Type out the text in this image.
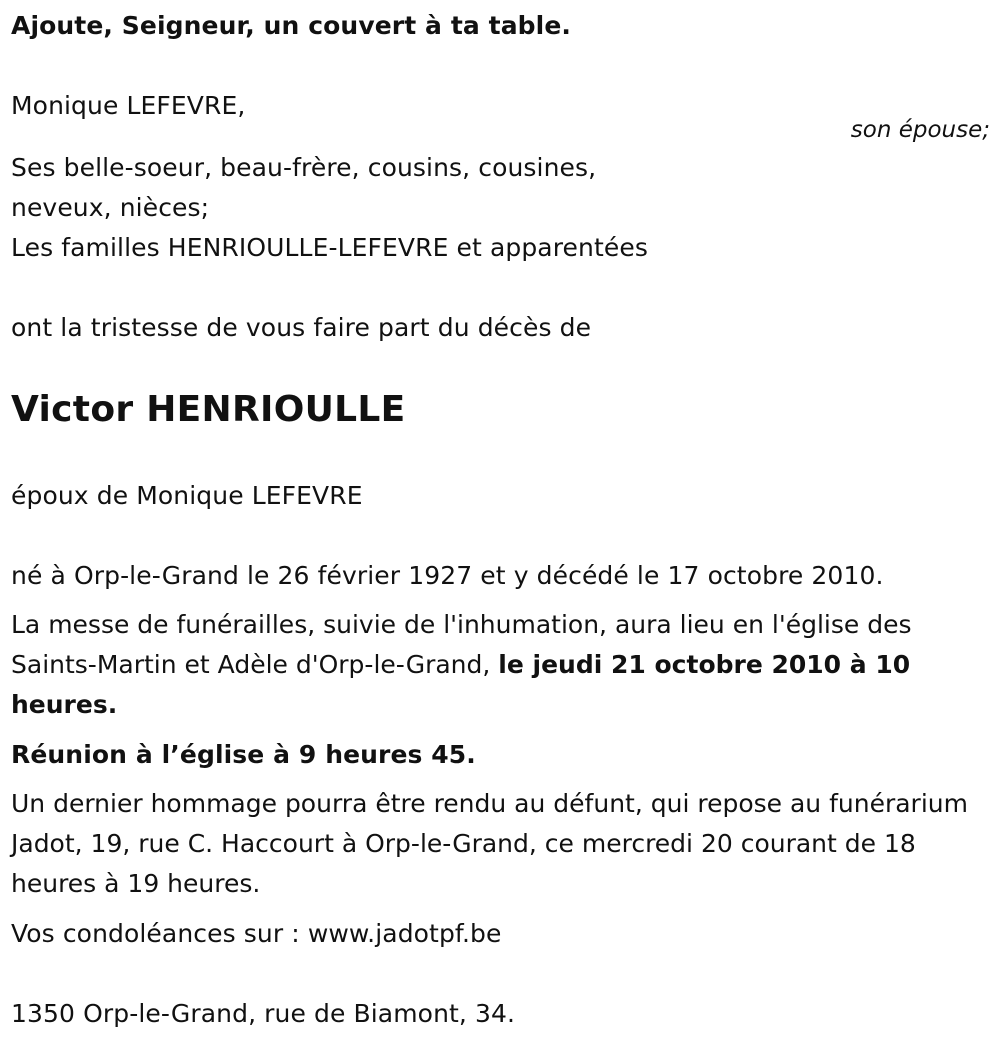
Ajoute, Seigneur, un couvert à ta table.
Monique LEFEVRE,
son épouse;
Ses belle-soeur, beau-frère, cousins, cousines,
neveux, nièces;
Les familles HENRIOULLE-LEFEVRE et apparentées
ont la tristesse de vous faire part du décès de
Victor HENRIOULLE
époux de Monique LEFEVRE
né à Orp-le-Grand le 26 février 1927 et y décédé le 17 octobre 2010.
La messe de funérailles, suivie de l'inhumation, aura lieu en l'église des Saints-Martin et Adèle d'Orp-le-Grand, le jeudi 21 octobre 2010 à 10 heures.
Réunion à l’église à 9 heures 45.
Un dernier hommage pourra être rendu au défunt, qui repose au funérarium Jadot, 19, rue C. Haccourt à Orp-le-Grand, ce mercredi 20 courant de 18 heures à 19 heures.
Vos condoléances sur : www.jadotpf.be
1350 Orp-le-Grand, rue de Biamont, 34.
